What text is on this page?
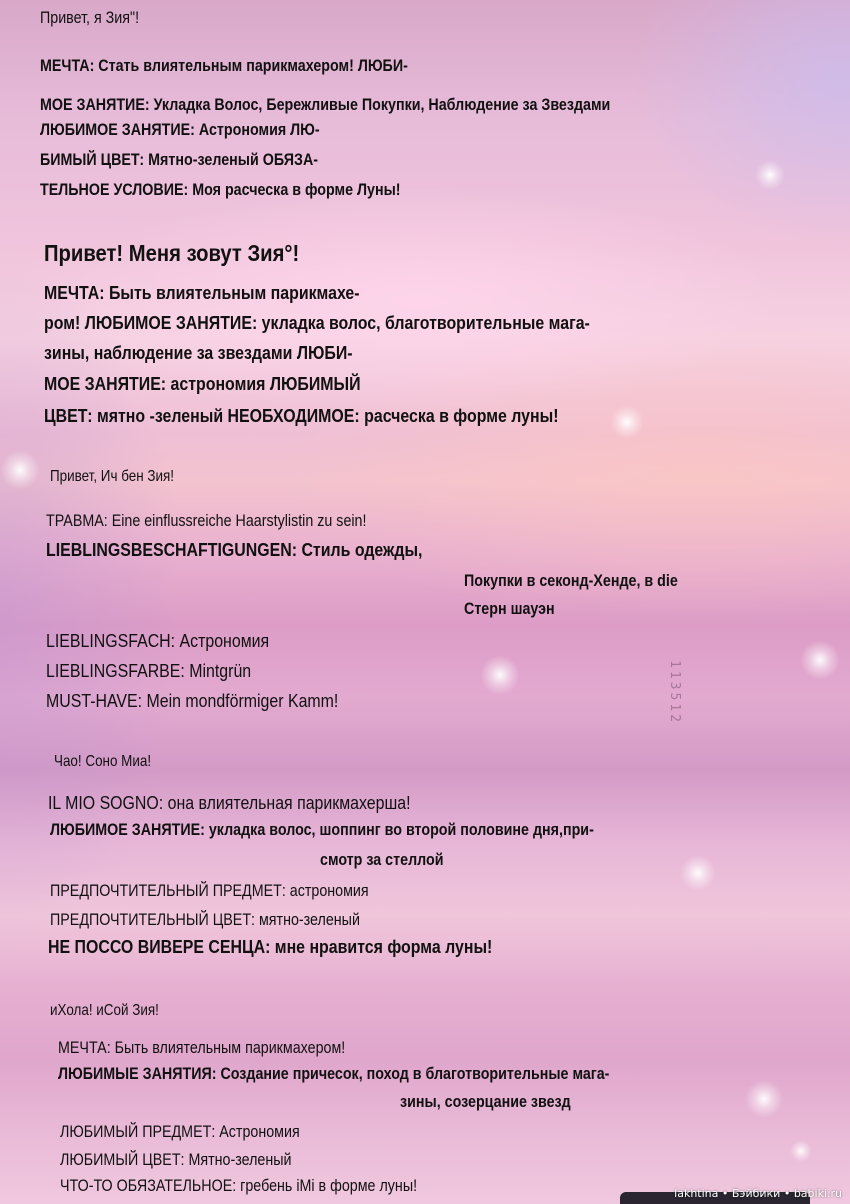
Привет, я Зия"!

МЕЧТА: Стать влиятельным парикмахером! ЛЮБИ-

МОЕ ЗАНЯТИЕ: Укладка Волос, Бережливые Покупки, Наблюдение за Звездами

ЛЮБИМОЕ ЗАНЯТИЕ: Астрономия ЛЮ-

БИМЫЙ ЦВЕТ: Мятно-зеленый ОБЯЗА-

ТЕЛЬНОЕ УСЛОВИЕ: Моя расческа в форме Луны!

Привет! Меня зовут Зия°!

МЕЧТА: Быть влиятельным парикмахе-

ром! ЛЮБИМОЕ ЗАНЯТИЕ: укладка волос, благотворительные мага-

зины, наблюдение за звездами ЛЮБИ-

МОЕ ЗАНЯТИЕ: астрономия ЛЮБИМЫЙ

ЦВЕТ: мятно -зеленый НЕОБХОДИМОЕ: расческа в форме луны!

Привет, Ич бен Зия!

ТРАВМА: Eine einflussreiche Haarstylistin zu sein!

LIEBLINGSBESCHAFTIGUNGEN: Стиль одежды,

Покупки в секонд-Хенде, в die

Стерн шауэн

LIEBLINGSFACH: Астрономия

LIEBLINGSFARBE: Mintgrün

MUST-HAVE: Mein mondförmiger Kamm!	113512

Чао! Соно Миа!

IL MIO SOGNO: она влиятельная парикмахерша!

ЛЮБИМОЕ ЗАНЯТИЕ: укладка волос, шоппинг во второй половине дня,при-

смотр за стеллой

ПРЕДПОЧТИТЕЛЬНЫЙ ПРЕДМЕТ: астрономия

ПРЕДПОЧТИТЕЛЬНЫЙ ЦВЕТ: мятно-зеленый

НЕ ПОССО ВИВЕРЕ СЕНЦА: мне нравится форма луны!

иХола! иСой Зия!

МЕЧТА: Быть влиятельным парикмахером!

ЛЮБИМЫЕ ЗАНЯТИЯ: Создание причесок, поход в благотворительные мага-

зины, созерцание звезд

ЛЮБИМЫЙ ПРЕДМЕТ: Астрономия

ЛЮБИМЫЙ ЦВЕТ: Мятно-зеленый

ЧТО-ТО ОБЯЗАТЕЛЬНОЕ: гребень iMi в форме луны!	lakhtina • Бэйбики • babiki.ru
